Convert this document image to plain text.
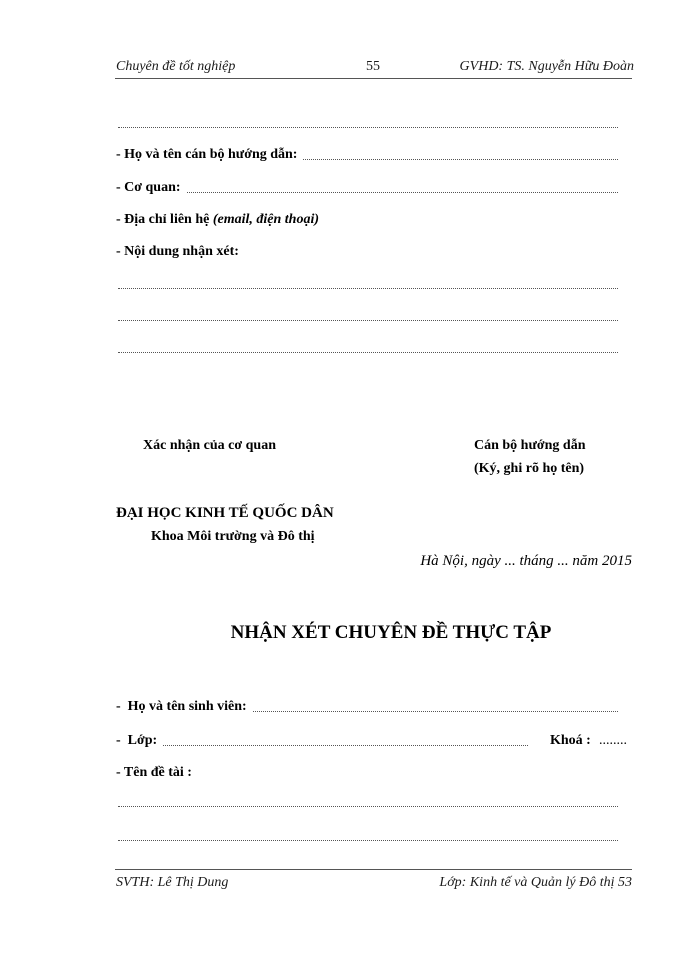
Chuyên đề tốt nghiệp	55	GVHD: TS. Nguyễn Hữu Đoàn
- Họ và tên cán bộ hướng dẫn:
- Cơ quan:
- Địa chỉ liên hệ (email, điện thoại)
- Nội dung nhận xét:
Xác nhận của cơ quan	Cán bộ hướng dẫn
(Ký, ghi rõ họ tên)
ĐẠI HỌC KINH TẾ QUỐC DÂN
Khoa Môi trường và Đô thị
Hà Nội, ngày ... tháng ... năm 2015
NHẬN XÉT CHUYÊN ĐỀ THỰC TẬP
-  Họ và tên sinh viên:
-  Lớp:	Khoá : ........
- Tên đề tài :
SVTH: Lê Thị Dung	Lớp: Kinh tế và Quản lý Đô thị 53
